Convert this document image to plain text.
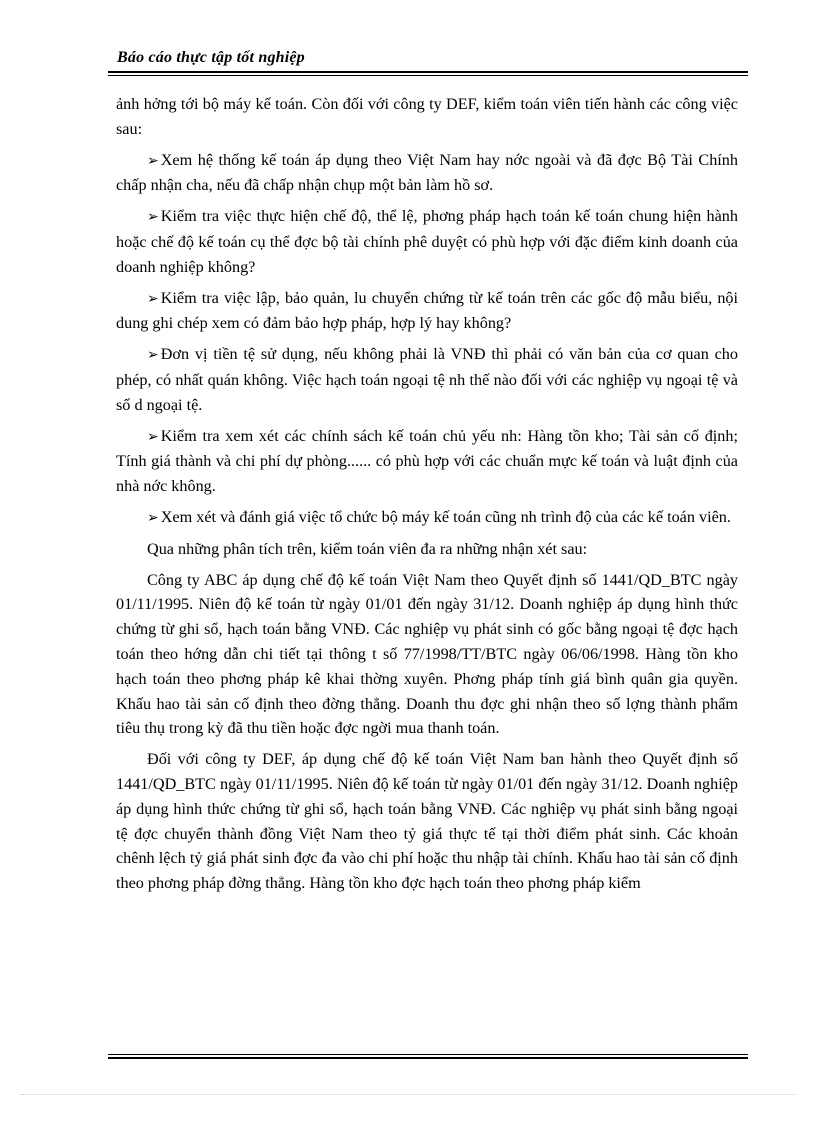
Báo cáo thực tập tốt nghiệp

ảnh hởng tới bộ máy kế toán. Còn đối với công ty DEF, kiểm toán viên tiến hành các công việc sau:

➢ Xem hệ thống kế toán áp dụng theo Việt Nam hay nớc ngoài và đã đợc Bộ Tài Chính chấp nhận cha, nếu đã chấp nhận chụp một bản làm hồ sơ.

➢ Kiểm tra việc thực hiện chế độ, thể lệ, phơng pháp hạch toán kế toán chung hiện hành hoặc chế độ kế toán cụ thể đợc bộ tài chính phê duyệt có phù hợp với đặc điểm kinh doanh của doanh nghiệp không?

➢ Kiểm tra việc lập, bảo quản, lu chuyển chứng từ kế toán trên các gốc độ mẫu biểu, nội dung ghi chép xem có đảm bảo hợp pháp, hợp lý hay không?

➢ Đơn vị tiền tệ sử dụng, nếu không phải là VNĐ thì phải có văn bản của cơ quan cho phép, có nhất quán không. Việc hạch toán ngoại tệ nh thế nào đối với các nghiệp vụ ngoại tệ và số d ngoại tệ.

➢ Kiểm tra xem xét các chính sách kế toán chủ yếu nh: Hàng tồn kho; Tài sản cố định; Tính giá thành và chi phí dự phòng...... có phù hợp với các chuẩn mực kế toán và luật định của nhà nớc không.

➢ Xem xét và đánh giá việc tổ chức bộ máy kế toán cũng nh trình độ của các kế toán viên.

Qua những phân tích trên, kiểm toán viên đa ra những nhận xét sau:

Công ty ABC áp dụng chế độ kế toán Việt Nam theo Quyết định số 1441/QD_BTC ngày 01/11/1995. Niên độ kế toán từ ngày 01/01 đến ngày 31/12. Doanh nghiệp áp dụng hình thức chứng từ ghi sổ, hạch toán bằng VNĐ. Các nghiệp vụ phát sinh có gốc bằng ngoại tệ đợc hạch toán theo hớng dẫn chi tiết tại thông t số 77/1998/TT/BTC ngày 06/06/1998. Hàng tồn kho hạch toán theo phơng pháp kê khai thờng xuyên. Phơng pháp tính giá bình quân gia quyền. Khấu hao tài sản cố định theo đờng thẳng. Doanh thu đợc ghi nhận theo số lợng thành phẩm tiêu thụ trong kỳ đã thu tiền hoặc đợc ngời mua thanh toán.

Đối với công ty DEF, áp dụng chế độ kế toán Việt Nam ban hành theo Quyết định số 1441/QD_BTC ngày 01/11/1995. Niên độ kế toán từ ngày 01/01 đến ngày 31/12. Doanh nghiệp áp dụng hình thức chứng từ ghi sổ, hạch toán bằng VNĐ. Các nghiệp vụ phát sinh bằng ngoại tệ đợc chuyển thành đồng Việt Nam theo tỷ giá thực tế tại thời điểm phát sinh. Các khoản chênh lệch tỷ giá phát sinh đợc đa vào chi phí hoặc thu nhập tài chính. Khấu hao tài sản cố định theo phơng pháp đờng thẳng. Hàng tồn kho đợc hạch toán theo phơng pháp kiểm
